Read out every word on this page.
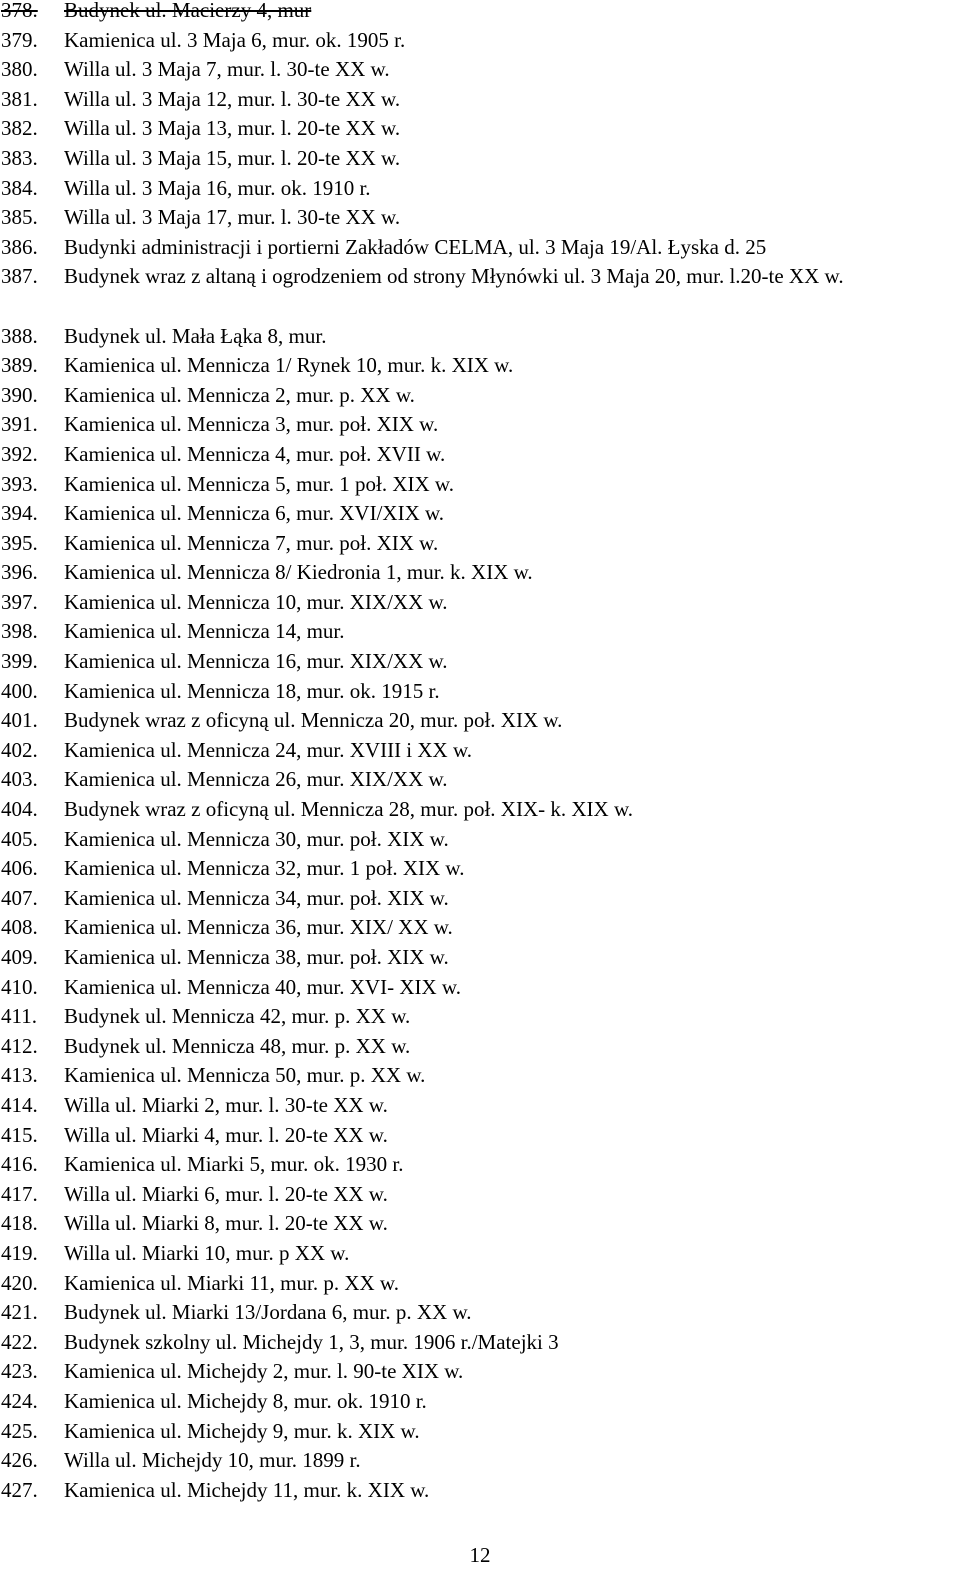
378.	Budynek ul. Macierzy 4, mur
379.	Kamienica ul. 3 Maja 6, mur. ok. 1905 r.
380.	Willa ul. 3 Maja 7, mur. l. 30-te XX w.
381.	Willa ul. 3 Maja 12, mur. l. 30-te XX w.
382.	Willa ul. 3 Maja 13, mur. l. 20-te XX w.
383.	Willa ul. 3 Maja 15, mur. l. 20-te XX w.
384.	Willa ul. 3 Maja 16, mur. ok. 1910 r.
385.	Willa ul. 3 Maja 17, mur. l. 30-te XX w.
386.	Budynki administracji i portierni Zakładów CELMA, ul. 3 Maja 19/Al. Łyska d. 25
387.	Budynek wraz z altaną i ogrodzeniem od strony Młynówki ul. 3 Maja 20, mur. l.20-te XX w.
388.	Budynek ul. Mała Łąka 8, mur.
389.	Kamienica ul. Mennicza 1/ Rynek 10, mur. k. XIX w.
390.	Kamienica ul. Mennicza 2, mur. p. XX w.
391.	Kamienica ul. Mennicza 3, mur. poł. XIX w.
392.	Kamienica ul. Mennicza 4, mur. poł. XVII w.
393.	Kamienica ul. Mennicza 5, mur. 1 poł. XIX w.
394.	Kamienica ul. Mennicza 6, mur. XVI/XIX w.
395.	Kamienica ul. Mennicza 7, mur. poł. XIX w.
396.	Kamienica ul. Mennicza 8/ Kiedronia 1, mur. k. XIX w.
397.	Kamienica ul. Mennicza 10, mur. XIX/XX w.
398.	Kamienica ul. Mennicza 14, mur.
399.	Kamienica ul. Mennicza 16, mur. XIX/XX w.
400.	Kamienica ul. Mennicza 18, mur. ok. 1915 r.
401.	Budynek wraz z oficyną ul. Mennicza 20, mur. poł. XIX w.
402.	Kamienica ul. Mennicza 24, mur. XVIII i XX w.
403.	Kamienica ul. Mennicza 26, mur. XIX/XX w.
404.	Budynek wraz z oficyną ul. Mennicza 28, mur. poł. XIX- k. XIX w.
405.	Kamienica ul. Mennicza 30, mur. poł. XIX w.
406.	Kamienica ul. Mennicza 32, mur. 1 poł. XIX w.
407.	Kamienica ul. Mennicza 34, mur. poł. XIX w.
408.	Kamienica ul. Mennicza 36, mur. XIX/ XX w.
409.	Kamienica ul. Mennicza 38, mur. poł. XIX w.
410.	Kamienica ul. Mennicza 40, mur. XVI- XIX w.
411.	Budynek ul. Mennicza 42, mur. p. XX w.
412.	Budynek ul. Mennicza 48, mur. p. XX w.
413.	Kamienica ul. Mennicza 50, mur. p. XX w.
414.	Willa ul. Miarki 2, mur. l. 30-te XX w.
415.	Willa ul. Miarki 4, mur. l. 20-te XX w.
416.	Kamienica ul. Miarki 5, mur. ok. 1930 r.
417.	Willa ul. Miarki 6, mur. l. 20-te XX w.
418.	Willa ul. Miarki 8, mur. l. 20-te XX w.
419.	Willa ul. Miarki 10, mur. p XX w.
420.	Kamienica ul. Miarki 11, mur. p. XX w.
421.	Budynek ul. Miarki 13/Jordana 6, mur. p. XX w.
422.	Budynek szkolny ul. Michejdy 1, 3, mur. 1906 r./Matejki 3
423.	Kamienica ul. Michejdy 2, mur. l. 90-te XIX w.
424.	Kamienica ul. Michejdy 8, mur. ok. 1910 r.
425.	Kamienica ul. Michejdy 9, mur. k. XIX w.
426.	Willa ul. Michejdy 10, mur. 1899 r.
427.	Kamienica ul. Michejdy 11, mur. k. XIX w.
12
